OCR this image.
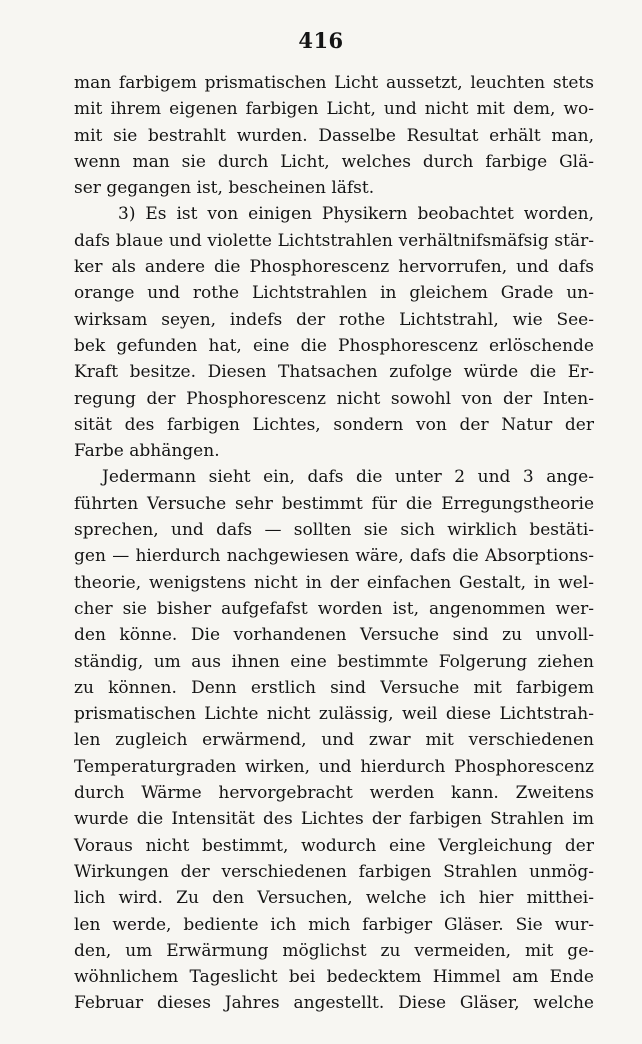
416
man farbigem prismatischen Licht aussetzt, leuchten stets
mit ihrem eigenen farbigen Licht, und nicht mit dem, wo-
mit sie bestrahlt wurden. Dasselbe Resultat erhält man,
wenn man sie durch Licht, welches durch farbige Glä-
ser gegangen ist, bescheinen läfst.
3) Es ist von einigen Physikern beobachtet worden,
dafs blaue und violette Lichtstrahlen verhältnifsmäfsig stär-
ker als andere die Phosphorescenz hervorrufen, und dafs
orange und rothe Lichtstrahlen in gleichem Grade un-
wirksam seyen, indefs der rothe Lichtstrahl, wie See-
bek gefunden hat, eine die Phosphorescenz erlöschende
Kraft besitze. Diesen Thatsachen zufolge würde die Er-
regung der Phosphorescenz nicht sowohl von der Inten-
sität des farbigen Lichtes, sondern von der Natur der
Farbe abhängen.
Jedermann sieht ein, dafs die unter 2 und 3 ange-
führten Versuche sehr bestimmt für die Erregungstheorie
sprechen, und dafs — sollten sie sich wirklich bestäti-
gen — hierdurch nachgewiesen wäre, dafs die Absorptions-
theorie, wenigstens nicht in der einfachen Gestalt, in wel-
cher sie bisher aufgefafst worden ist, angenommen wer-
den könne. Die vorhandenen Versuche sind zu unvoll-
ständig, um aus ihnen eine bestimmte Folgerung ziehen
zu können. Denn erstlich sind Versuche mit farbigem
prismatischen Lichte nicht zulässig, weil diese Lichtstrah-
len zugleich erwärmend, und zwar mit verschiedenen
Temperaturgraden wirken, und hierdurch Phosphorescenz
durch Wärme hervorgebracht werden kann. Zweitens
wurde die Intensität des Lichtes der farbigen Strahlen im
Voraus nicht bestimmt, wodurch eine Vergleichung der
Wirkungen der verschiedenen farbigen Strahlen unmög-
lich wird. Zu den Versuchen, welche ich hier mitthei-
len werde, bediente ich mich farbiger Gläser. Sie wur-
den, um Erwärmung möglichst zu vermeiden, mit ge-
wöhnlichem Tageslicht bei bedecktem Himmel am Ende
Februar dieses Jahres angestellt. Diese Gläser, welche
